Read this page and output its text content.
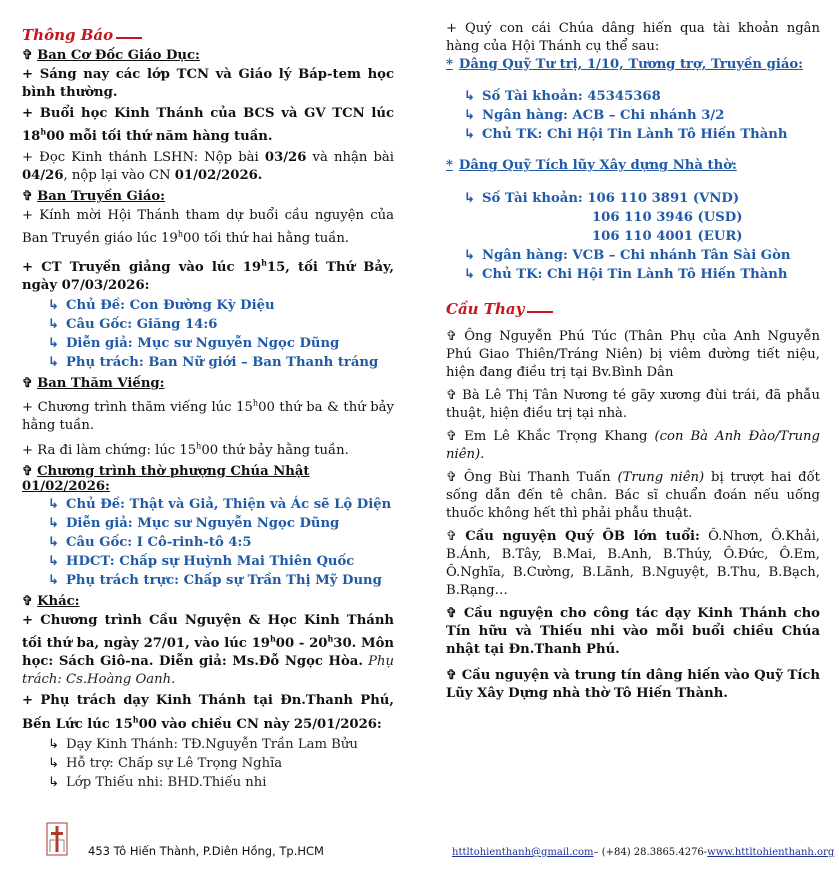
Thông Báo
✞ Ban Cơ Đốc Giáo Dục:

+ Sáng nay các lớp TCN và Giáo lý Báp-tem học bình thường.

+ Buổi học Kinh Thánh của BCS và GV TCN lúc 18$^h$00 mỗi tối thứ năm hàng tuần.

+ Đọc Kinh thánh LSHN: Nộp bài 03/26 và nhận bài 04/26, nộp lại vào CN 01/02/2026.

✞ Ban Truyền Giáo:

+ Kính mời Hội Thánh tham dự buổi cầu nguyện của Ban Truyền giáo lúc 19$^h$00 tối thứ hai hằng tuần.

+ CT Truyền giảng vào lúc 19$^h$15, tối Thứ Bảy, ngày 07/03/2026:

↳ Chủ Đề: Con Đường Kỳ Diệu
↳ Câu Gốc: Giăng 14:6
↳ Diễn giả: Mục sư Nguyễn Ngọc Dũng
↳ Phụ trách: Ban Nữ giới – Ban Thanh tráng
✞ Ban Thăm Viếng:

+ Chương trình thăm viếng lúc 15$^h$00 thứ ba & thứ bảy hằng tuần.

+ Ra đi làm chứng: lúc 15$^h$00 thứ bảy hằng tuần.

✞ Chương trình thờ phượng Chúa Nhật 01/02/2026:
↳ Chủ Đề: Thật và Giả, Thiện và Ác sẽ Lộ Diện
↳ Diễn giả: Mục sư Nguyễn Ngọc Dũng
↳ Câu Gốc: I Cô-rinh-tô 4:5
↳ HDCT: Chấp sự Huỳnh Mai Thiên Quốc
↳ Phụ trách trực: Chấp sự Trần Thị Mỹ Dung
✞ Khác:

+ Chương trình Cầu Nguyện & Học Kinh Thánh tối thứ ba, ngày 27/01, vào lúc 19$^h$00 - 20$^h$30. Môn học: Sách Giô-na. Diễn giả: Ms.Đỗ Ngọc Hòa. Phụ trách: Cs.Hoàng Oanh.

+ Phụ trách dạy Kinh Thánh tại Đn.Thanh Phú, Bến Lức lúc 15$^h$00 vào chiều CN này 25/01/2026:

↳ Dạy Kinh Thánh: TĐ.Nguyễn Trần Lam Bửu
↳ Hỗ trợ: Chấp sự Lê Trọng Nghĩa
↳ Lớp Thiếu nhi: BHD.Thiếu nhi

+ Quý con cái Chúa dâng hiến qua tài khoản ngân hàng của Hội Thánh cụ thể sau:

* Dâng Quỹ Tư trị, 1/10, Tương trợ, Truyền giáo:
↳ Số Tài khoản: 45345368
↳ Ngân hàng: ACB – Chi nhánh 3/2
↳ Chủ TK: Chi Hội Tin Lành Tô Hiến Thành
* Dâng Quỹ Tích lũy Xây dựng Nhà thờ:
↳ Số Tài khoản: 106 110 3891 (VND)
106 110 3946 (USD)
106 110 4001 (EUR)
↳ Ngân hàng: VCB – Chi nhánh Tân Sài Gòn
↳ Chủ TK: Chi Hội Tin Lành Tô Hiến Thành
Cầu Thay

✞ Ông Nguyễn Phú Túc (Thân Phụ của Anh Nguyễn Phú Giao Thiên/Tráng Niên) bị viêm đường tiết niệu, hiện đang điều trị tại Bv.Bình Dân

✞ Bà Lê Thị Tân Nương té gãy xương đùi trái, đã phẫu thuật, hiện điều trị tại nhà.

✞ Em Lê Khắc Trọng Khang (con Bà Anh Đào/Trung niên).

✞ Ông Bùi Thanh Tuấn (Trung niên) bị trượt hai đốt sống dẫn đến tê chân. Bác sĩ chuẩn đoán nếu uống thuốc không hết thì phải phẫu thuật.

✞ Cầu nguyện Quý ÔB lớn tuổi: Ô.Nhơn, Ô.Khải, B.Ánh, B.Tây, B.Mai, B.Anh, B.Thúy, Ô.Đức, Ô.Em, Ô.Nghĩa, B.Cường, B.Lãnh, B.Nguyệt, B.Thu, B.Bạch, B.Rạng…

✞ Cầu nguyện cho công tác dạy Kinh Thánh cho Tín hữu và Thiếu nhi vào mỗi buổi chiều Chúa nhật tại Đn.Thanh Phú.

✞ Cầu nguyện và trung tín dâng hiến vào Quỹ Tích Lũy Xây Dựng nhà thờ Tô Hiến Thành.

453 Tô Hiến Thành, P.Diên Hồng, Tp.HCM	httltohienthanh@gmail.com– (+84) 28.3865.4276-www.httltohienthanh.org
